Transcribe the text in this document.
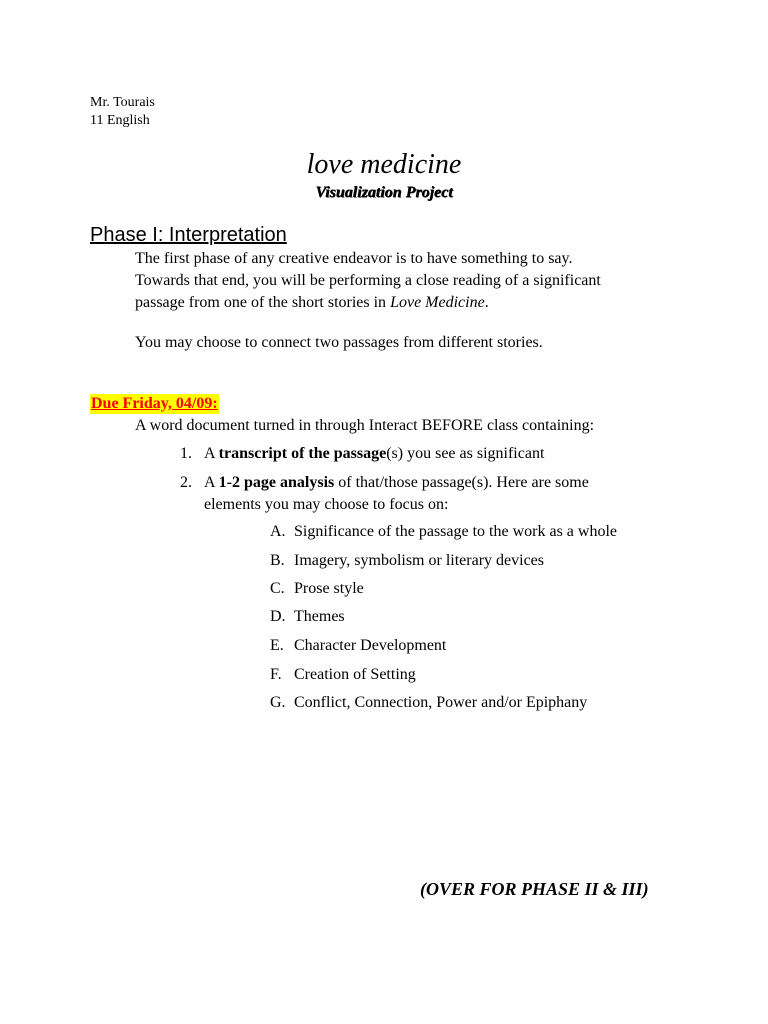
Mr. Tourais
11 English
love medicine
Visualization Project
Phase I: Interpretation
The first phase of any creative endeavor is to have something to say.
Towards that end, you will be performing a close reading of a significant
passage from one of the short stories in Love Medicine.
You may choose to connect two passages from different stories.
Due Friday, 04/09:
A word document turned in through Interact BEFORE class containing:
1. A transcript of the passage(s) you see as significant
2. A 1-2 page analysis of that/those passage(s). Here are some
elements you may choose to focus on:
A. Significance of the passage to the work as a whole
B. Imagery, symbolism or literary devices
C. Prose style
D. Themes
E. Character Development
F. Creation of Setting
G. Conflict, Connection, Power and/or Epiphany
(OVER FOR PHASE II & III)
